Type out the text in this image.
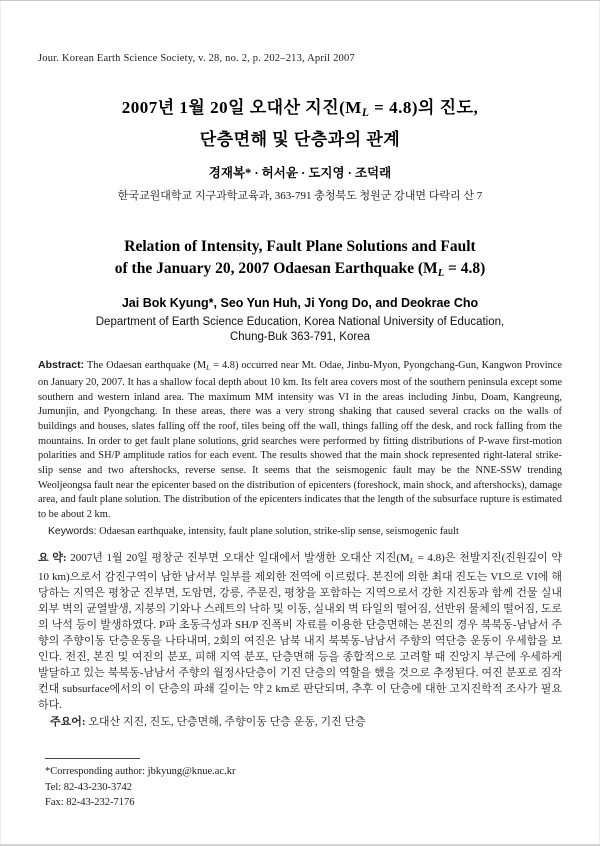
Jour. Korean Earth Science Society, v. 28, no. 2, p. 202–213, April 2007
2007년 1월 20일 오대산 지진(ML = 4.8)의 진도,
단층면해 및 단층과의 관계
경재복* · 허서윤 · 도지영 · 조덕래
한국교원대학교 지구과학교육과, 363-791 충청북도 청원군 강내면 다락리 산 7
Relation of Intensity, Fault Plane Solutions and Fault
of the January 20, 2007 Odaesan Earthquake (ML = 4.8)
Jai Bok Kyung*, Seo Yun Huh, Ji Yong Do, and Deokrae Cho
Department of Earth Science Education, Korea National University of Education,
Chung-Buk 363-791, Korea

Abstract: The Odaesan earthquake (ML = 4.8) occurred near Mt. Odae, Jinbu-Myon, Pyongchang-Gun, Kangwon Province on January 20, 2007. It has a shallow focal depth about 10 km. Its felt area covers most of the southern peninsula except some southern and western inland area. The maximum MM intensity was VI in the areas including Jinbu, Doam, Kangreung, Jumunjin, and Pyongchang. In these areas, there was a very strong shaking that caused several cracks on the walls of buildings and houses, slates falling off the roof, tiles being off the wall, things falling off the desk, and rock falling from the mountains. In order to get fault plane solutions, grid searches were performed by fitting distributions of P-wave first-motion polarities and SH/P amplitude ratios for each event. The results showed that the main shock represented right-lateral strike-slip sense and two aftershocks, reverse sense. It seems that the seismogenic fault may be the NNE-SSW trending Weoljeongsa fault near the epicenter based on the distribution of epicenters (foreshock, main shock, and aftershocks), damage area, and fault plane solution. The distribution of the epicenters indicates that the length of the subsurface rupture is estimated to be about 2 km.

Keywords: Odaesan earthquake, intensity, fault plane solution, strike-slip sense, seismogenic fault

요 약: 2007년 1월 20일 평창군 진부면 오대산 일대에서 발생한 오대산 지진(ML = 4.8)은 천발지진(진원깊이 약 10 km)으로서 감진구역이 남한 남서부 일부를 제외한 전역에 이르렀다. 본진에 의한 최대 진도는 VI으로 VI에 해당하는 지역은 평창군 진부면, 도암면, 강릉, 주문진, 평창을 포함하는 지역으로서 강한 지진동과 함께 건물 실내외부 벽의 균열발생, 지붕의 기와나 스레트의 낙하 및 이동, 실내외 벽 타일의 떨어짐, 선반위 물체의 떨어짐, 도로의 낙석 등이 발생하였다. P파 초동극성과 SH/P 진폭비 자료를 이용한 단층면해는 본진의 경우 북북동-남남서 주향의 주향이동 단층운동을 나타내며, 2회의 여진은 남북 내지 북북동-남남서 주향의 역단층 운동이 우세함을 보인다. 전진, 본진 및 여진의 분포, 피해 지역 분포, 단층면해 등을 종합적으로 고려할 때 진앙지 부근에 우세하게 발달하고 있는 북북동-남남서 주향의 월정사단층이 기진 단층의 역할을 했을 것으로 추정된다. 여진 분포로 짐작컨대 subsurface에서의 이 단층의 파쇄 길이는 약 2 km로 판단되며, 추후 이 단층에 대한 고지진학적 조사가 필요하다.

주요어: 오대산 지진, 진도, 단층면해, 주향이동 단층 운동, 기진 단층

*Corresponding author: jbkyung@knue.ac.kr
Tel: 82-43-230-3742
Fax: 82-43-232-7176
